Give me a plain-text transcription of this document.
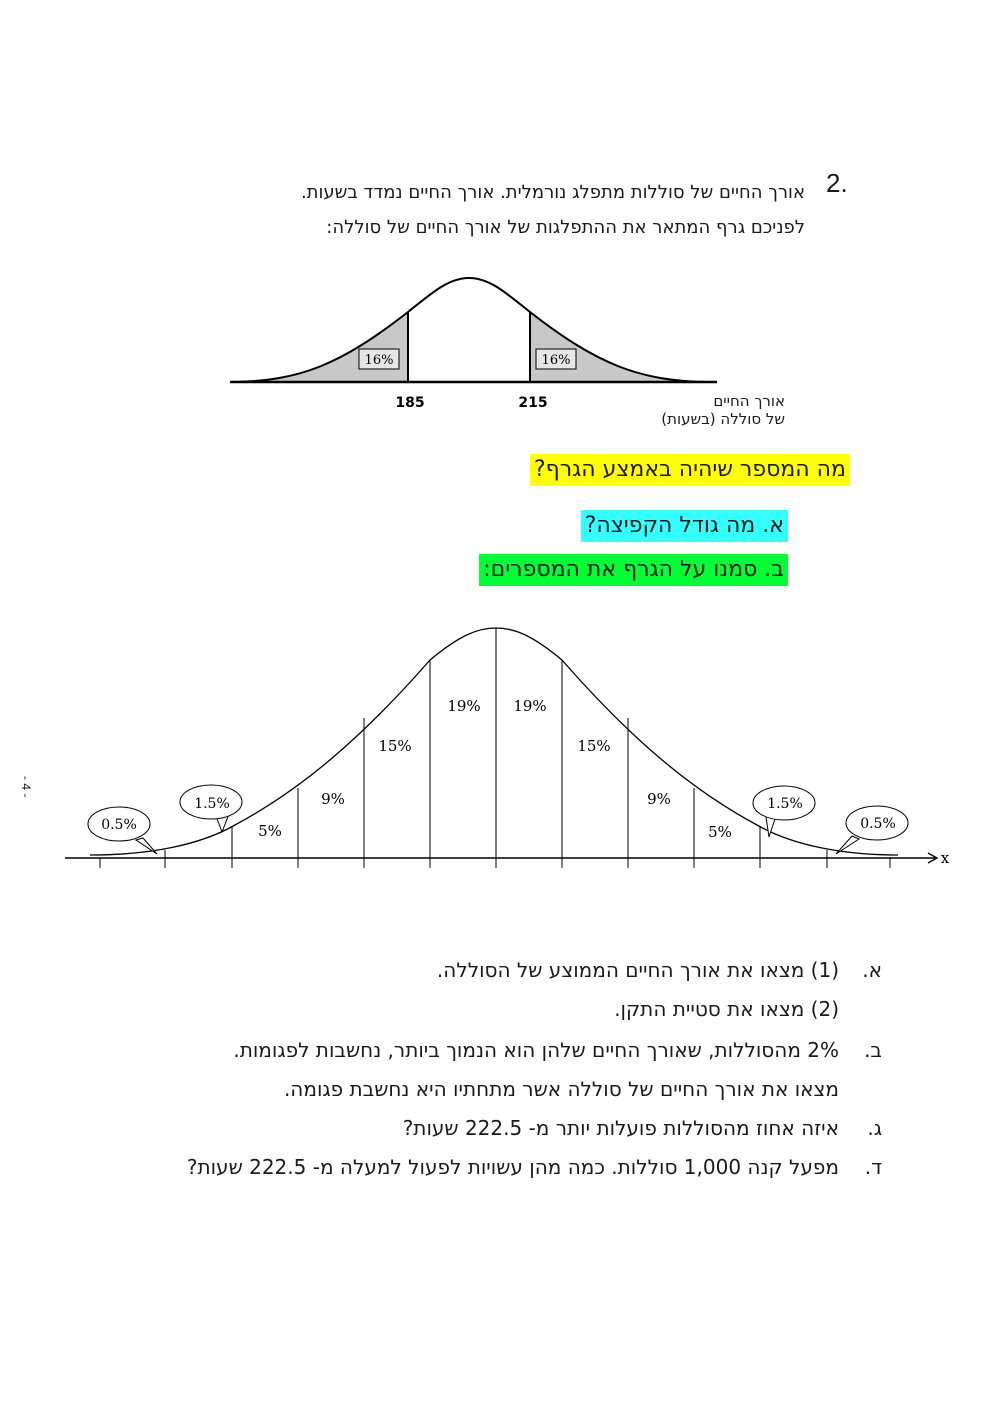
2.
אורך החיים של סוללות מתפלג נורמלית. אורך החיים נמדד בשעות.
לפניכם גרף המתאר את ההתפלגות של אורך החיים של סוללה:
16%	16%
185	215	אורך החיים
של סוללה (בשעות)
מה המספר שיהיה באמצע הגרף?
א. מה גודל הקפיצה?
ב. סמנו על הגרף את המספרים:
x
5%
9%
15%
19% 19%
15%
9%
5%
0.5%
1.5%	1.5%
0.5%
- 4 -
א.
(1) מצאו את אורך החיים הממוצע של הסוללה.
(2) מצאו את סטיית התקן.
ב.
2% מהסוללות, שאורך החיים שלהן הוא הנמוך ביותר, נחשבות לפגומות.
מצאו את אורך החיים של סוללה אשר מתחתיו היא נחשבת פגומה.
ג.
איזה אחוז מהסוללות פועלות יותר מ- 222.5 שעות?
ד.
מפעל קנה 1,000 סוללות. כמה מהן עשויות לפעול למעלה מ- 222.5 שעות?
